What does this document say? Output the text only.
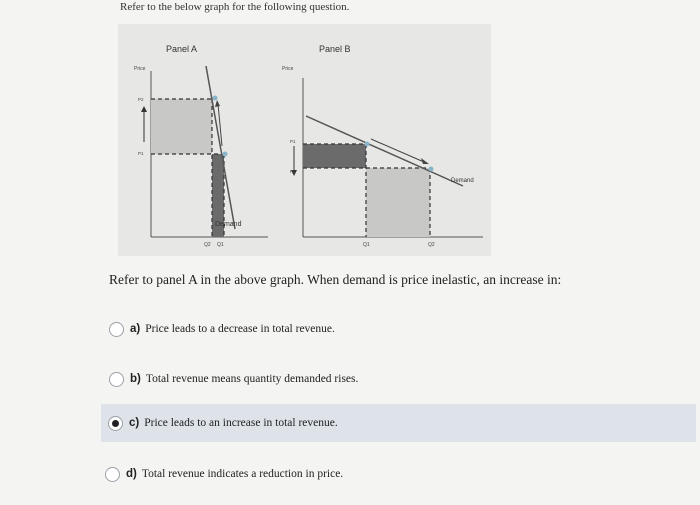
Refer to the below graph for the following question.
Panel A
Price
P2
P1
Q2 Q1
Demand
Panel B
Price
P1
P2
Q1	Q2
Demand
Refer to panel A in the above graph. When demand is price inelastic, an increase in:
a) Price leads to a decrease in total revenue.
b) Total revenue means quantity demanded rises.
c) Price leads to an increase in total revenue.
d) Total revenue indicates a reduction in price.
